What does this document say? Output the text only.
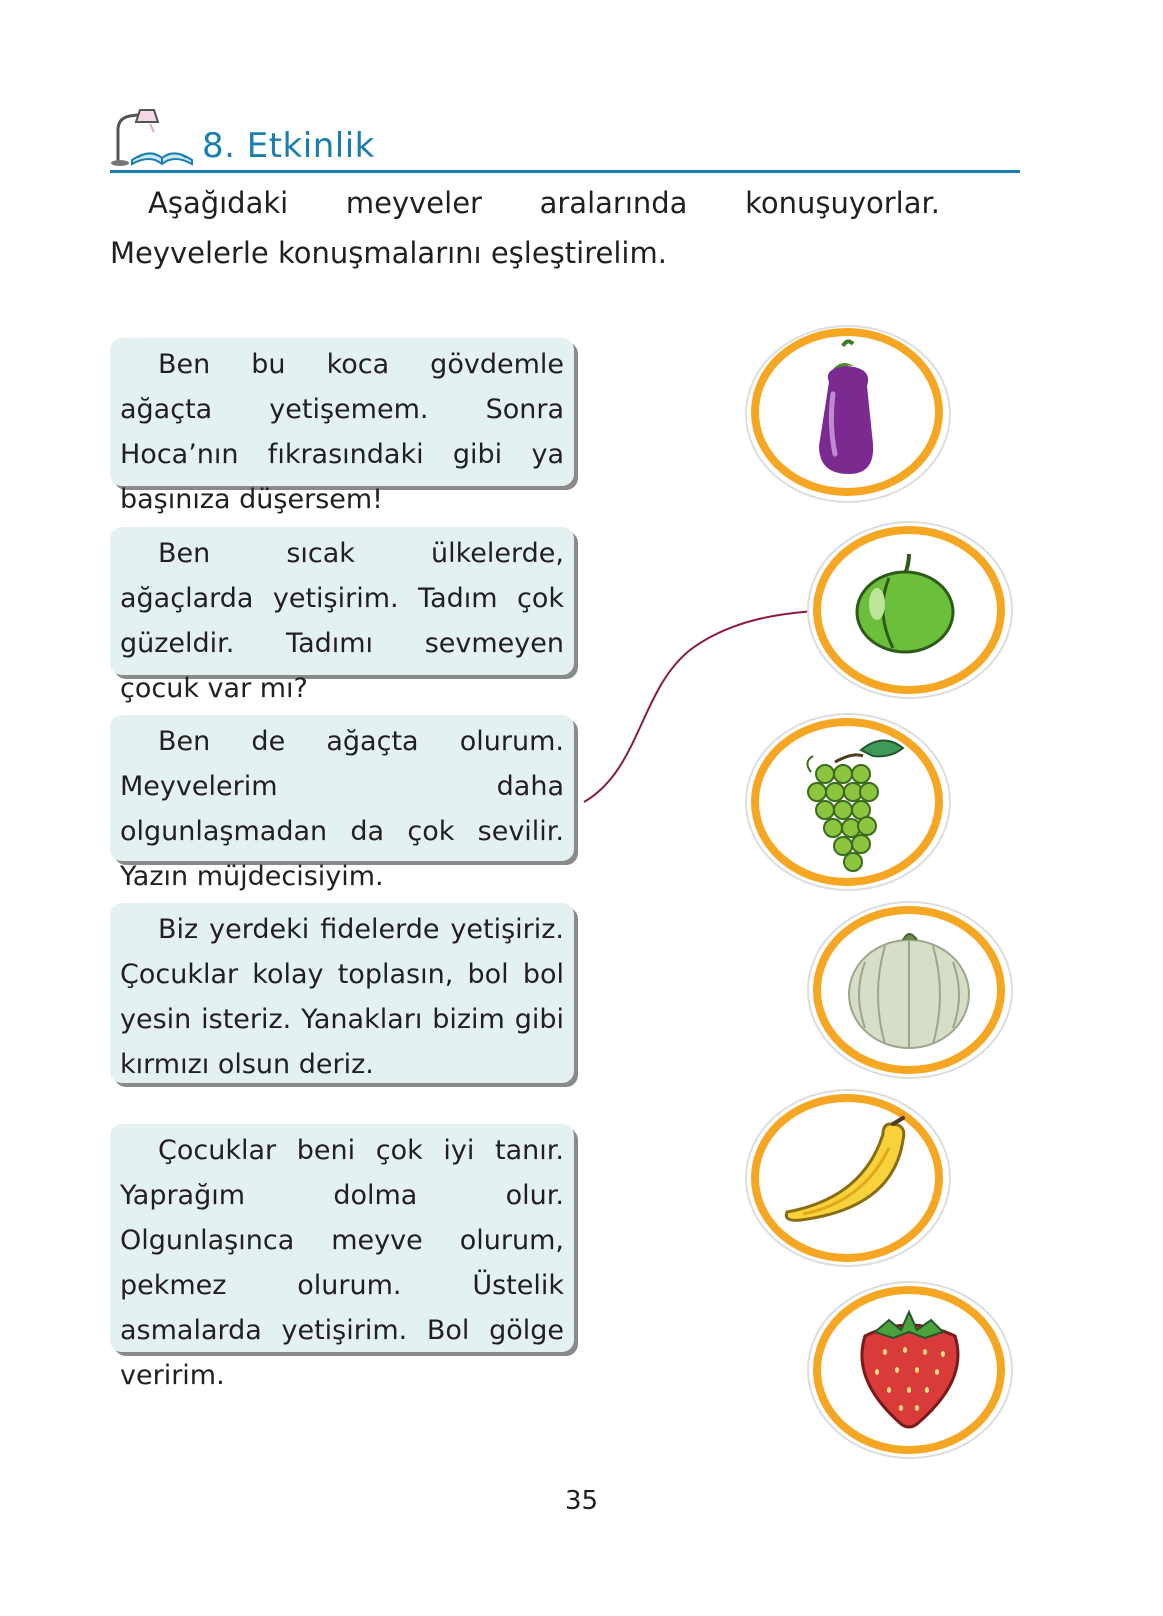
8. Etkinlik
Aşağıdaki meyveler aralarında konuşuyorlar. Meyvelerle konuşmalarını eşleştirelim.

Ben bu koca gövdemle ağaçta yetişemem. Sonra Hoca’nın fıkrasındaki gibi ya başınıza düşersem!

Ben sıcak ülkelerde, ağaçlarda yetişirim. Tadım çok güzeldir. Tadımı sevmeyen çocuk var mı?

Ben de ağaçta olurum. Meyvelerim daha olgunlaşmadan da çok sevilir. Yazın müjdecisiyim.

Biz yerdeki fidelerde yetişiriz. Çocuklar kolay toplasın, bol bol yesin isteriz. Yanakları bizim gibi kırmızı olsun deriz.

Çocuklar beni çok iyi tanır. Yaprağım dolma olur. Olgunlaşınca meyve olurum, pekmez olurum. Üstelik asmalarda yetişirim. Bol gölge veririm.

35
